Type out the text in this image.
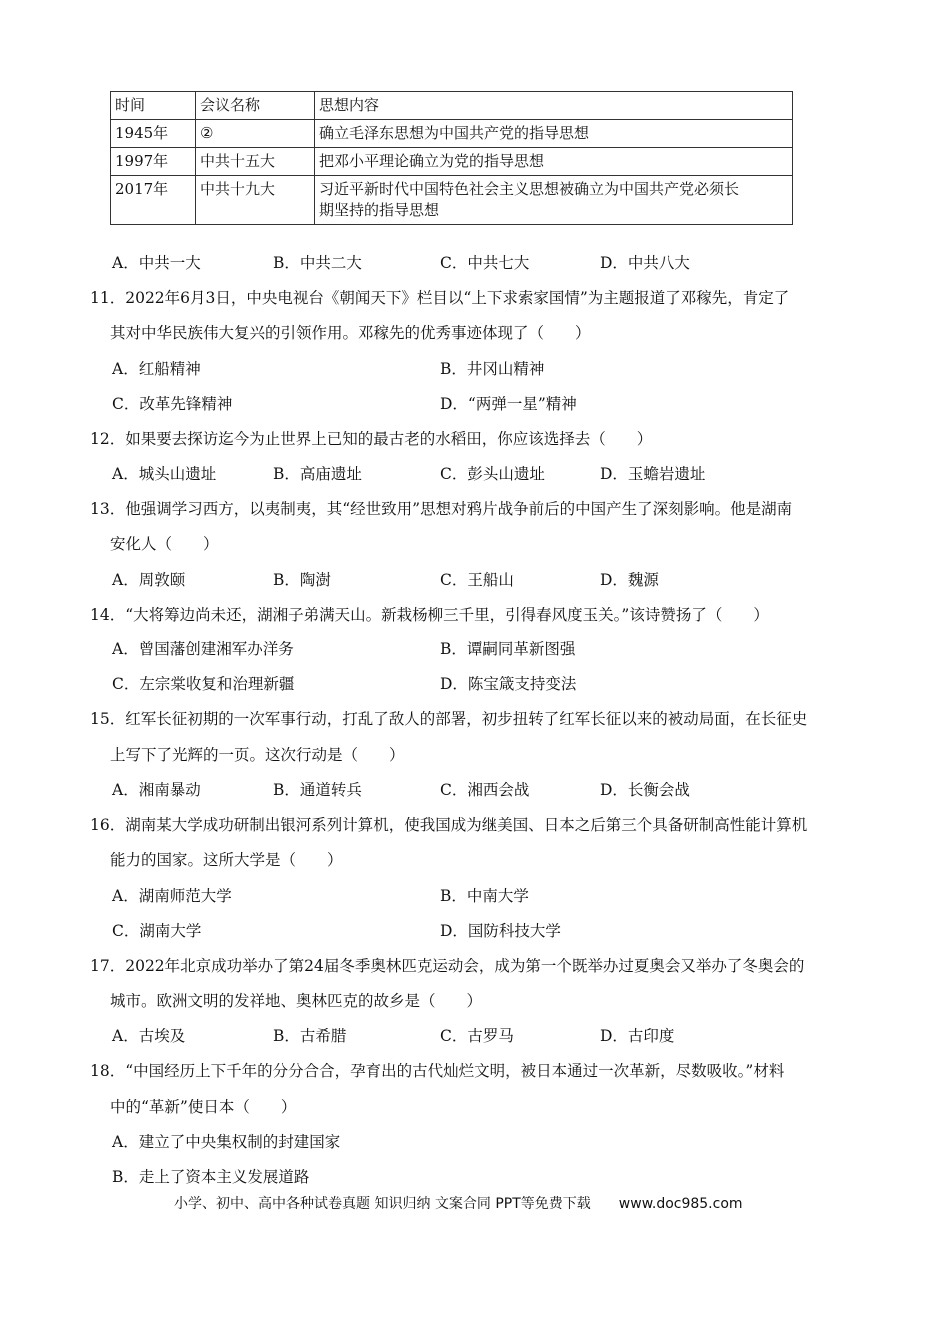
时间	会议名称	思想内容
1945年	②	确立毛泽东思想为中国共产党的指导思想
1997年	中共十五大	把邓小平理论确立为党的指导思想
2017年	中共十九大	习近平新时代中国特色社会主义思想被确立为中国共产党必须长
期坚持的指导思想
A．中共一大	B．中共二大	C．中共七大	D．中共八大
11．2022年6月3日，中央电视台《朝闻天下》栏目以“上下求索家国情”为主题报道了邓稼先，肯定了
其对中华民族伟大复兴的引领作用。邓稼先的优秀事迹体现了（　　）
A．红船精神	B．井冈山精神
C．改革先锋精神	D．“两弹一星”精神
12．如果要去探访迄今为止世界上已知的最古老的水稻田，你应该选择去（　　）
A．城头山遗址	B．高庙遗址	C．彭头山遗址	D．玉蟾岩遗址
13．他强调学习西方，以夷制夷，其“经世致用”思想对鸦片战争前后的中国产生了深刻影响。他是湖南
安化人（　　）
A．周敦颐	B．陶澍	C．王船山	D．魏源
14．“大将筹边尚未还，湖湘子弟满天山。新栽杨柳三千里，引得春风度玉关。”该诗赞扬了（　　）
A．曾国藩创建湘军办洋务	B．谭嗣同革新图强
C．左宗棠收复和治理新疆	D．陈宝箴支持变法
15．红军长征初期的一次军事行动，打乱了敌人的部署，初步扭转了红军长征以来的被动局面，在长征史
上写下了光辉的一页。这次行动是（　　）
A．湘南暴动	B．通道转兵	C．湘西会战	D．长衡会战
16．湖南某大学成功研制出银河系列计算机，使我国成为继美国、日本之后第三个具备研制高性能计算机
能力的国家。这所大学是（　　）
A．湖南师范大学	B．中南大学
C．湖南大学	D．国防科技大学
17．2022年北京成功举办了第24届冬季奥林匹克运动会，成为第一个既举办过夏奥会又举办了冬奥会的
城市。欧洲文明的发祥地、奥林匹克的故乡是（　　）
A．古埃及	B．古希腊	C．古罗马	D．古印度
18．“中国经历上下千年的分分合合，孕育出的古代灿烂文明，被日本通过一次革新，尽数吸收。”材料
中的“革新”使日本（　　）
A．建立了中央集权制的封建国家
B．走上了资本主义发展道路
小学、初中、高中各种试卷真题 知识归纳 文案合同 PPT等免费下载 www.doc985.com
